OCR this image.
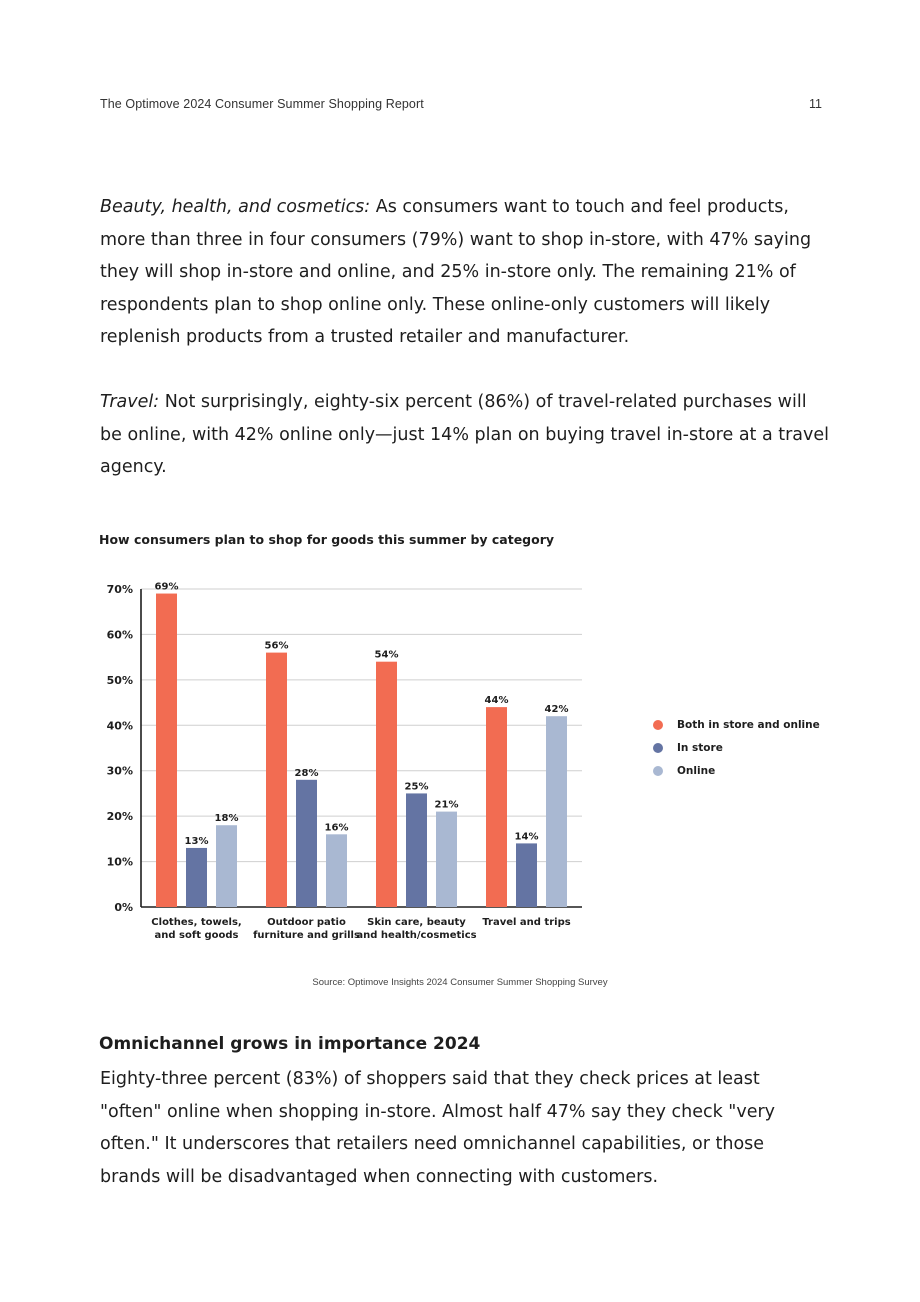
The Optimove 2024 Consumer Summer Shopping Report	11

Beauty, health, and cosmetics: As consumers want to touch and feel products, more than three in four consumers (79%) want to shop in-store, with 47% saying they will shop in-store and online, and 25% in-store only. The remaining 21% of respondents plan to shop online only. These online-only customers will likely replenish products from a trusted retailer and manufacturer.

Travel: Not surprisingly, eighty-six percent (86%) of travel-related purchases will be online, with 42% online only—just 14% plan on buying travel in-store at a travel agency.

How consumers plan to shop for goods this summer by category
0%
10%
20%
30%
40%
50%
60%
70% 69%
56%
54%
44%
13%
28%
25%
14%
18%
16%
21%
42%
Clothes, towels,
and soft goods
Outdoor patio
furniture and grills
Skin care, beauty
and health/cosmetics
Travel and trips
Both in store and online
In store
Online
Source: Optimove Insights 2024 Consumer Summer Shopping Survey
Omnichannel grows in importance 2024

Eighty-three percent (83%) of shoppers said that they check prices at least "often" online when shopping in-store. Almost half 47% say they check "very often." It underscores that retailers need omnichannel capabilities, or those brands will be disadvantaged when connecting with customers.
